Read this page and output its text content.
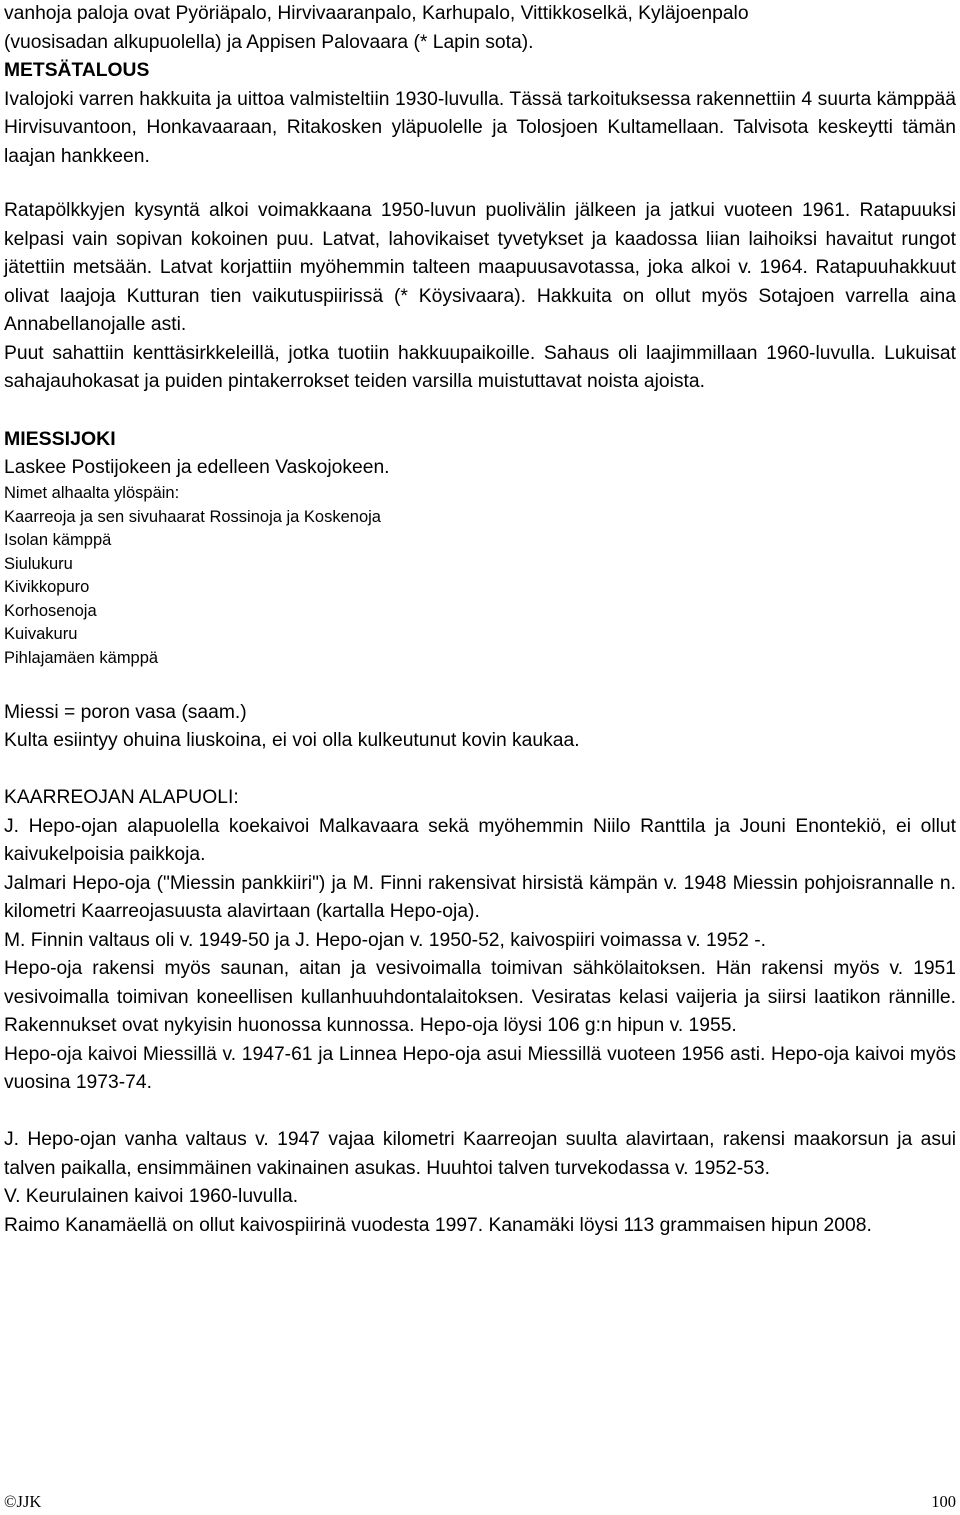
vanhoja paloja ovat Pyöriäpalo, Hirvivaaranpalo, Karhupalo, Vittikkoselkä, Kyläjoenpalo

(vuosisadan alkupuolella) ja Appisen Palovaara (* Lapin sota).

METSÄTALOUS

Ivalojoki varren hakkuita ja uittoa valmisteltiin 1930-luvulla. Tässä tarkoituksessa rakennettiin 4 suurta kämppää Hirvisuvantoon, Honkavaaraan, Ritakosken yläpuolelle ja Tolosjoen Kultamellaan. Talvisota keskeytti tämän laajan hankkeen.

Ratapölkkyjen kysyntä alkoi voimakkaana 1950-luvun puolivälin jälkeen ja jatkui vuoteen 1961. Ratapuuksi kelpasi vain sopivan kokoinen puu. Latvat, lahovikaiset tyvetykset ja kaadossa liian laihoiksi havaitut rungot jätettiin metsään. Latvat korjattiin myöhemmin talteen maapuusavotassa, joka alkoi v. 1964. Ratapuuhakkuut olivat laajoja Kutturan tien vaikutuspiirissä (* Köysivaara). Hakkuita on ollut myös Sotajoen varrella aina Annabellanojalle asti.

Puut sahattiin kenttäsirkkeleillä, jotka tuotiin hakkuupaikoille. Sahaus oli laajimmillaan 1960-luvulla. Lukuisat sahajauhokasat ja puiden pintakerrokset teiden varsilla muistuttavat noista ajoista.

MIESSIJOKI

Laskee Postijokeen ja edelleen Vaskojokeen.

Nimet alhaalta ylöspäin:

Kaarreoja ja sen sivuhaarat Rossinoja ja Koskenoja

Isolan kämppä

Siulukuru

Kivikkopuro

Korhosenoja

Kuivakuru

Pihlajamäen kämppä

Miessi = poron vasa (saam.)

Kulta esiintyy ohuina liuskoina, ei voi olla kulkeutunut kovin kaukaa.

KAARREOJAN ALAPUOLI:

J. Hepo-ojan alapuolella koekaivoi Malkavaara sekä myöhemmin Niilo Ranttila ja Jouni Enontekiö, ei ollut kaivukelpoisia paikkoja.

Jalmari Hepo-oja ("Miessin pankkiiri") ja M. Finni rakensivat hirsistä kämpän v. 1948 Miessin pohjoisrannalle n. kilometri Kaarreojasuusta alavirtaan (kartalla Hepo-oja).

M. Finnin valtaus oli v. 1949-50 ja J. Hepo-ojan v. 1950-52, kaivospiiri voimassa v. 1952 -.

Hepo-oja rakensi myös saunan, aitan ja vesivoimalla toimivan sähkölaitoksen. Hän rakensi myös v. 1951 vesivoimalla toimivan koneellisen kullanhuuhdontalaitoksen. Vesiratas kelasi vaijeria ja siirsi laatikon rännille. Rakennukset ovat nykyisin huonossa kunnossa. Hepo-oja löysi 106 g:n hipun v. 1955.

Hepo-oja kaivoi Miessillä v. 1947-61 ja Linnea Hepo-oja asui Miessillä vuoteen 1956 asti. Hepo-oja kaivoi myös vuosina 1973-74.

J. Hepo-ojan vanha valtaus v. 1947 vajaa kilometri Kaarreojan suulta alavirtaan, rakensi maakorsun ja asui talven paikalla, ensimmäinen vakinainen asukas. Huuhtoi talven turvekodassa v. 1952-53.

V. Keurulainen kaivoi 1960-luvulla.

Raimo Kanamäellä on ollut kaivospiirinä vuodesta 1997. Kanamäki löysi 113 grammaisen hipun 2008.

©JJK	100
